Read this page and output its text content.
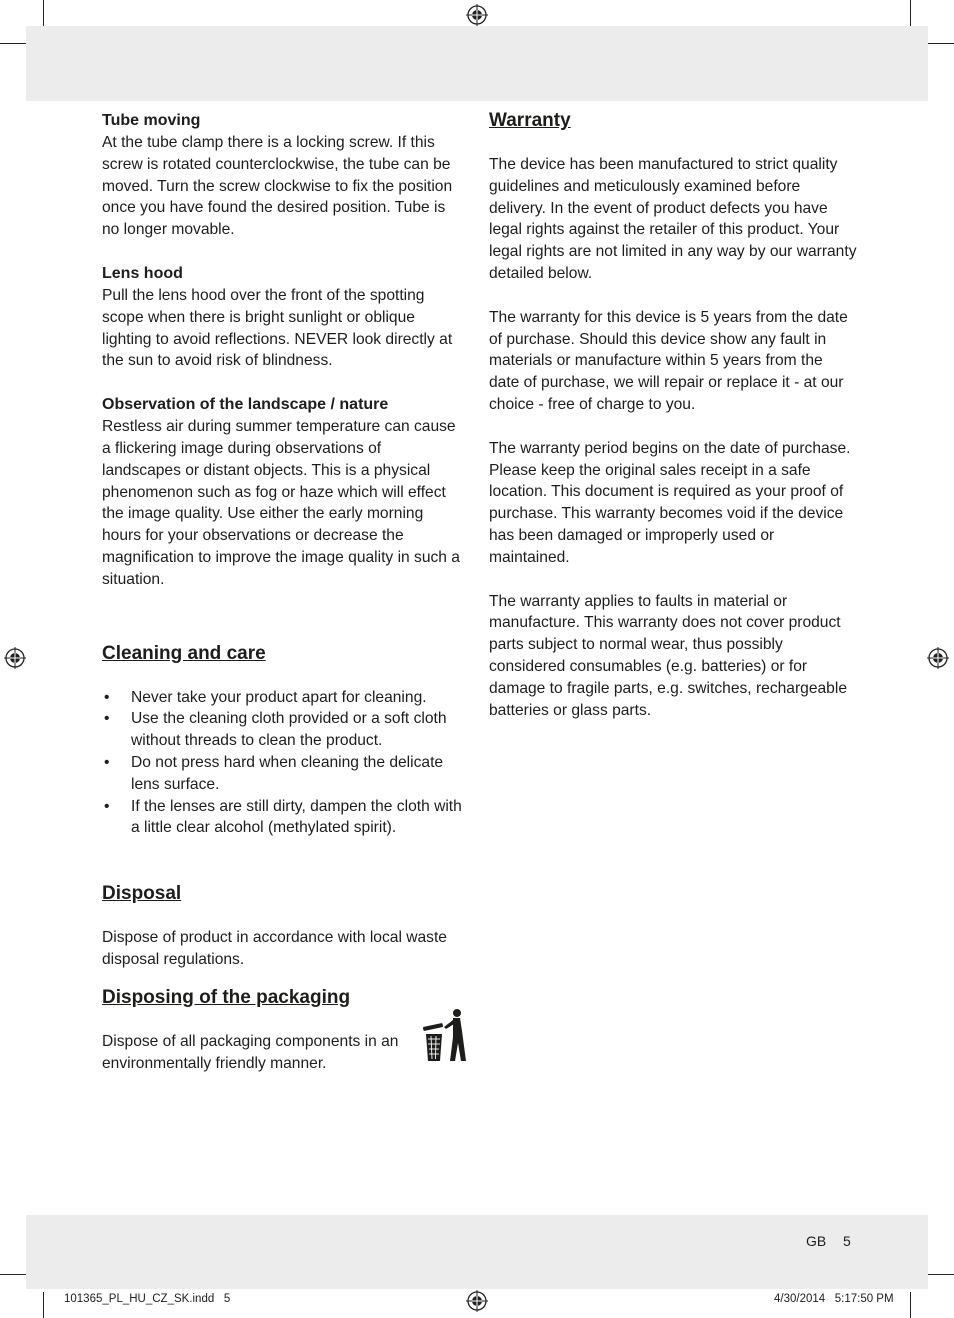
Tube moving

At the tube clamp there is a locking screw. If this screw is rotated counterclockwise, the tube can be moved. Turn the screw clockwise to fix the position once you have found the desired position. Tube is no longer movable.

Lens hood

Pull the lens hood over the front of the spotting scope when there is bright sunlight or oblique lighting to avoid reflections. NEVER look directly at the sun to avoid risk of blindness.

Observation of the landscape / nature

Restless air during summer temperature can cause a flickering image during observations of landscapes or distant objects. This is a physical phenomenon such as fog or haze which will effect the image quality. Use either the early morning hours for your observations or decrease the magnification to improve the image quality in such a situation.

Cleaning and care

• Never take your product apart for cleaning.
• Use the cleaning cloth provided or a soft cloth without threads to clean the product.
• Do not press hard when cleaning the delicate lens surface.
• If the lenses are still dirty, dampen the cloth with a little clear alcohol (methylated spirit).

Disposal

Dispose of product in accordance with local waste disposal regulations.

Disposing of the packaging

Dispose of all packaging components in an environmentally friendly manner.

Warranty

The device has been manufactured to strict quality guidelines and meticulously examined before delivery. In the event of product defects you have legal rights against the retailer of this product. Your legal rights are not limited in any way by our warranty detailed below.

The warranty for this device is 5 years from the date of purchase. Should this device show any fault in materials or manufacture within 5 years from the date of purchase, we will repair or replace it - at our choice - free of charge to you.

The warranty period begins on the date of purchase. Please keep the original sales receipt in a safe location. This document is required as your proof of purchase. This warranty becomes void if the device has been damaged or improperly used or maintained.

The warranty applies to faults in material or manufacture. This warranty does not cover product parts subject to normal wear, thus possibly considered consumables (e.g. batteries) or for damage to fragile parts, e.g. switches, rechargeable batteries or glass parts.

GB 5
101365_PL_HU_CZ_SK.indd   5	4/30/2014   5:17:50 PM
